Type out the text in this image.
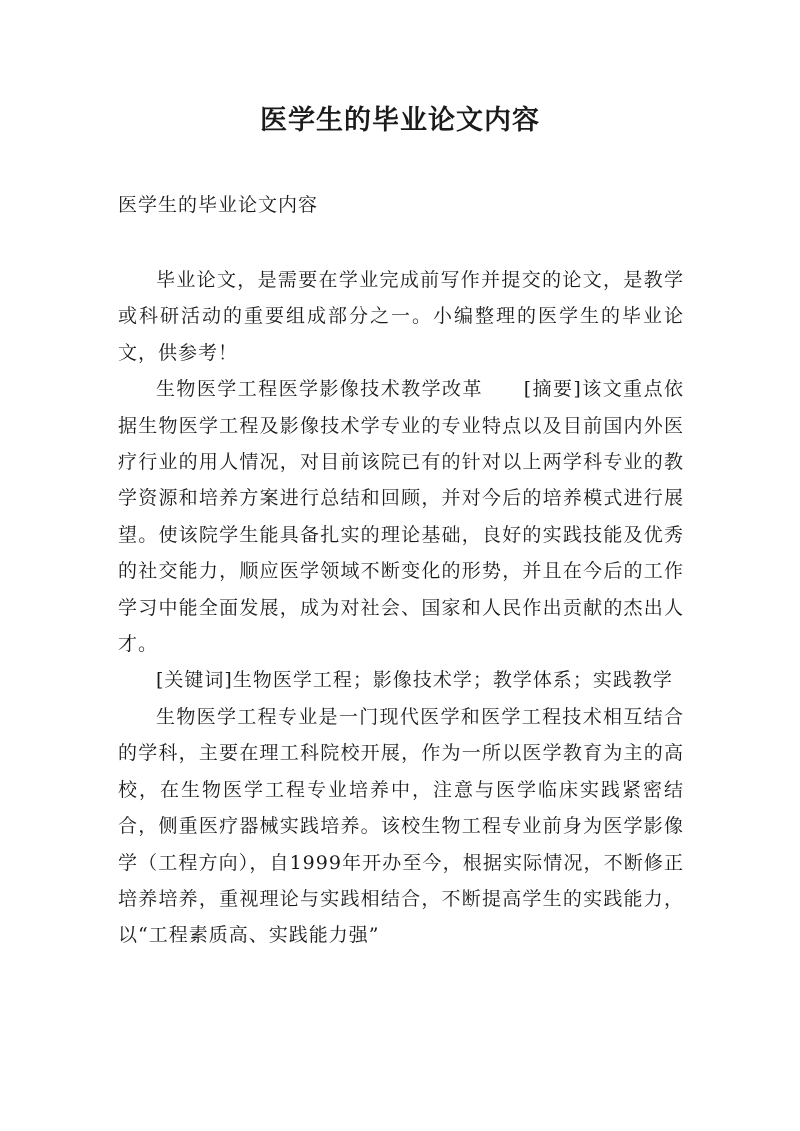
医学生的毕业论文内容
医学生的毕业论文内容

毕业论文，是需要在学业完成前写作并提交的论文，是教学或科研活动的重要组成部分之一。小编整理的医学生的毕业论文，供参考！

生物医学工程医学影像技术教学改革　　[摘要]该文重点依据生物医学工程及影像技术学专业的专业特点以及目前国内外医疗行业的用人情况，对目前该院已有的针对以上两学科专业的教学资源和培养方案进行总结和回顾，并对今后的培养模式进行展望。使该院学生能具备扎实的理论基础，良好的实践技能及优秀的社交能力，顺应医学领域不断变化的形势，并且在今后的工作学习中能全面发展，成为对社会、国家和人民作出贡献的杰出人才。

[关键词]生物医学工程；影像技术学；教学体系；实践教学

生物医学工程专业是一门现代医学和医学工程技术相互结合的学科，主要在理工科院校开展，作为一所以医学教育为主的高校，在生物医学工程专业培养中，注意与医学临床实践紧密结合，侧重医疗器械实践培养。该校生物工程专业前身为医学影像学（工程方向），自1999年开办至今，根据实际情况，不断修正培养培养，重视理论与实践相结合，不断提高学生的实践能力，以“工程素质高、实践能力强”
